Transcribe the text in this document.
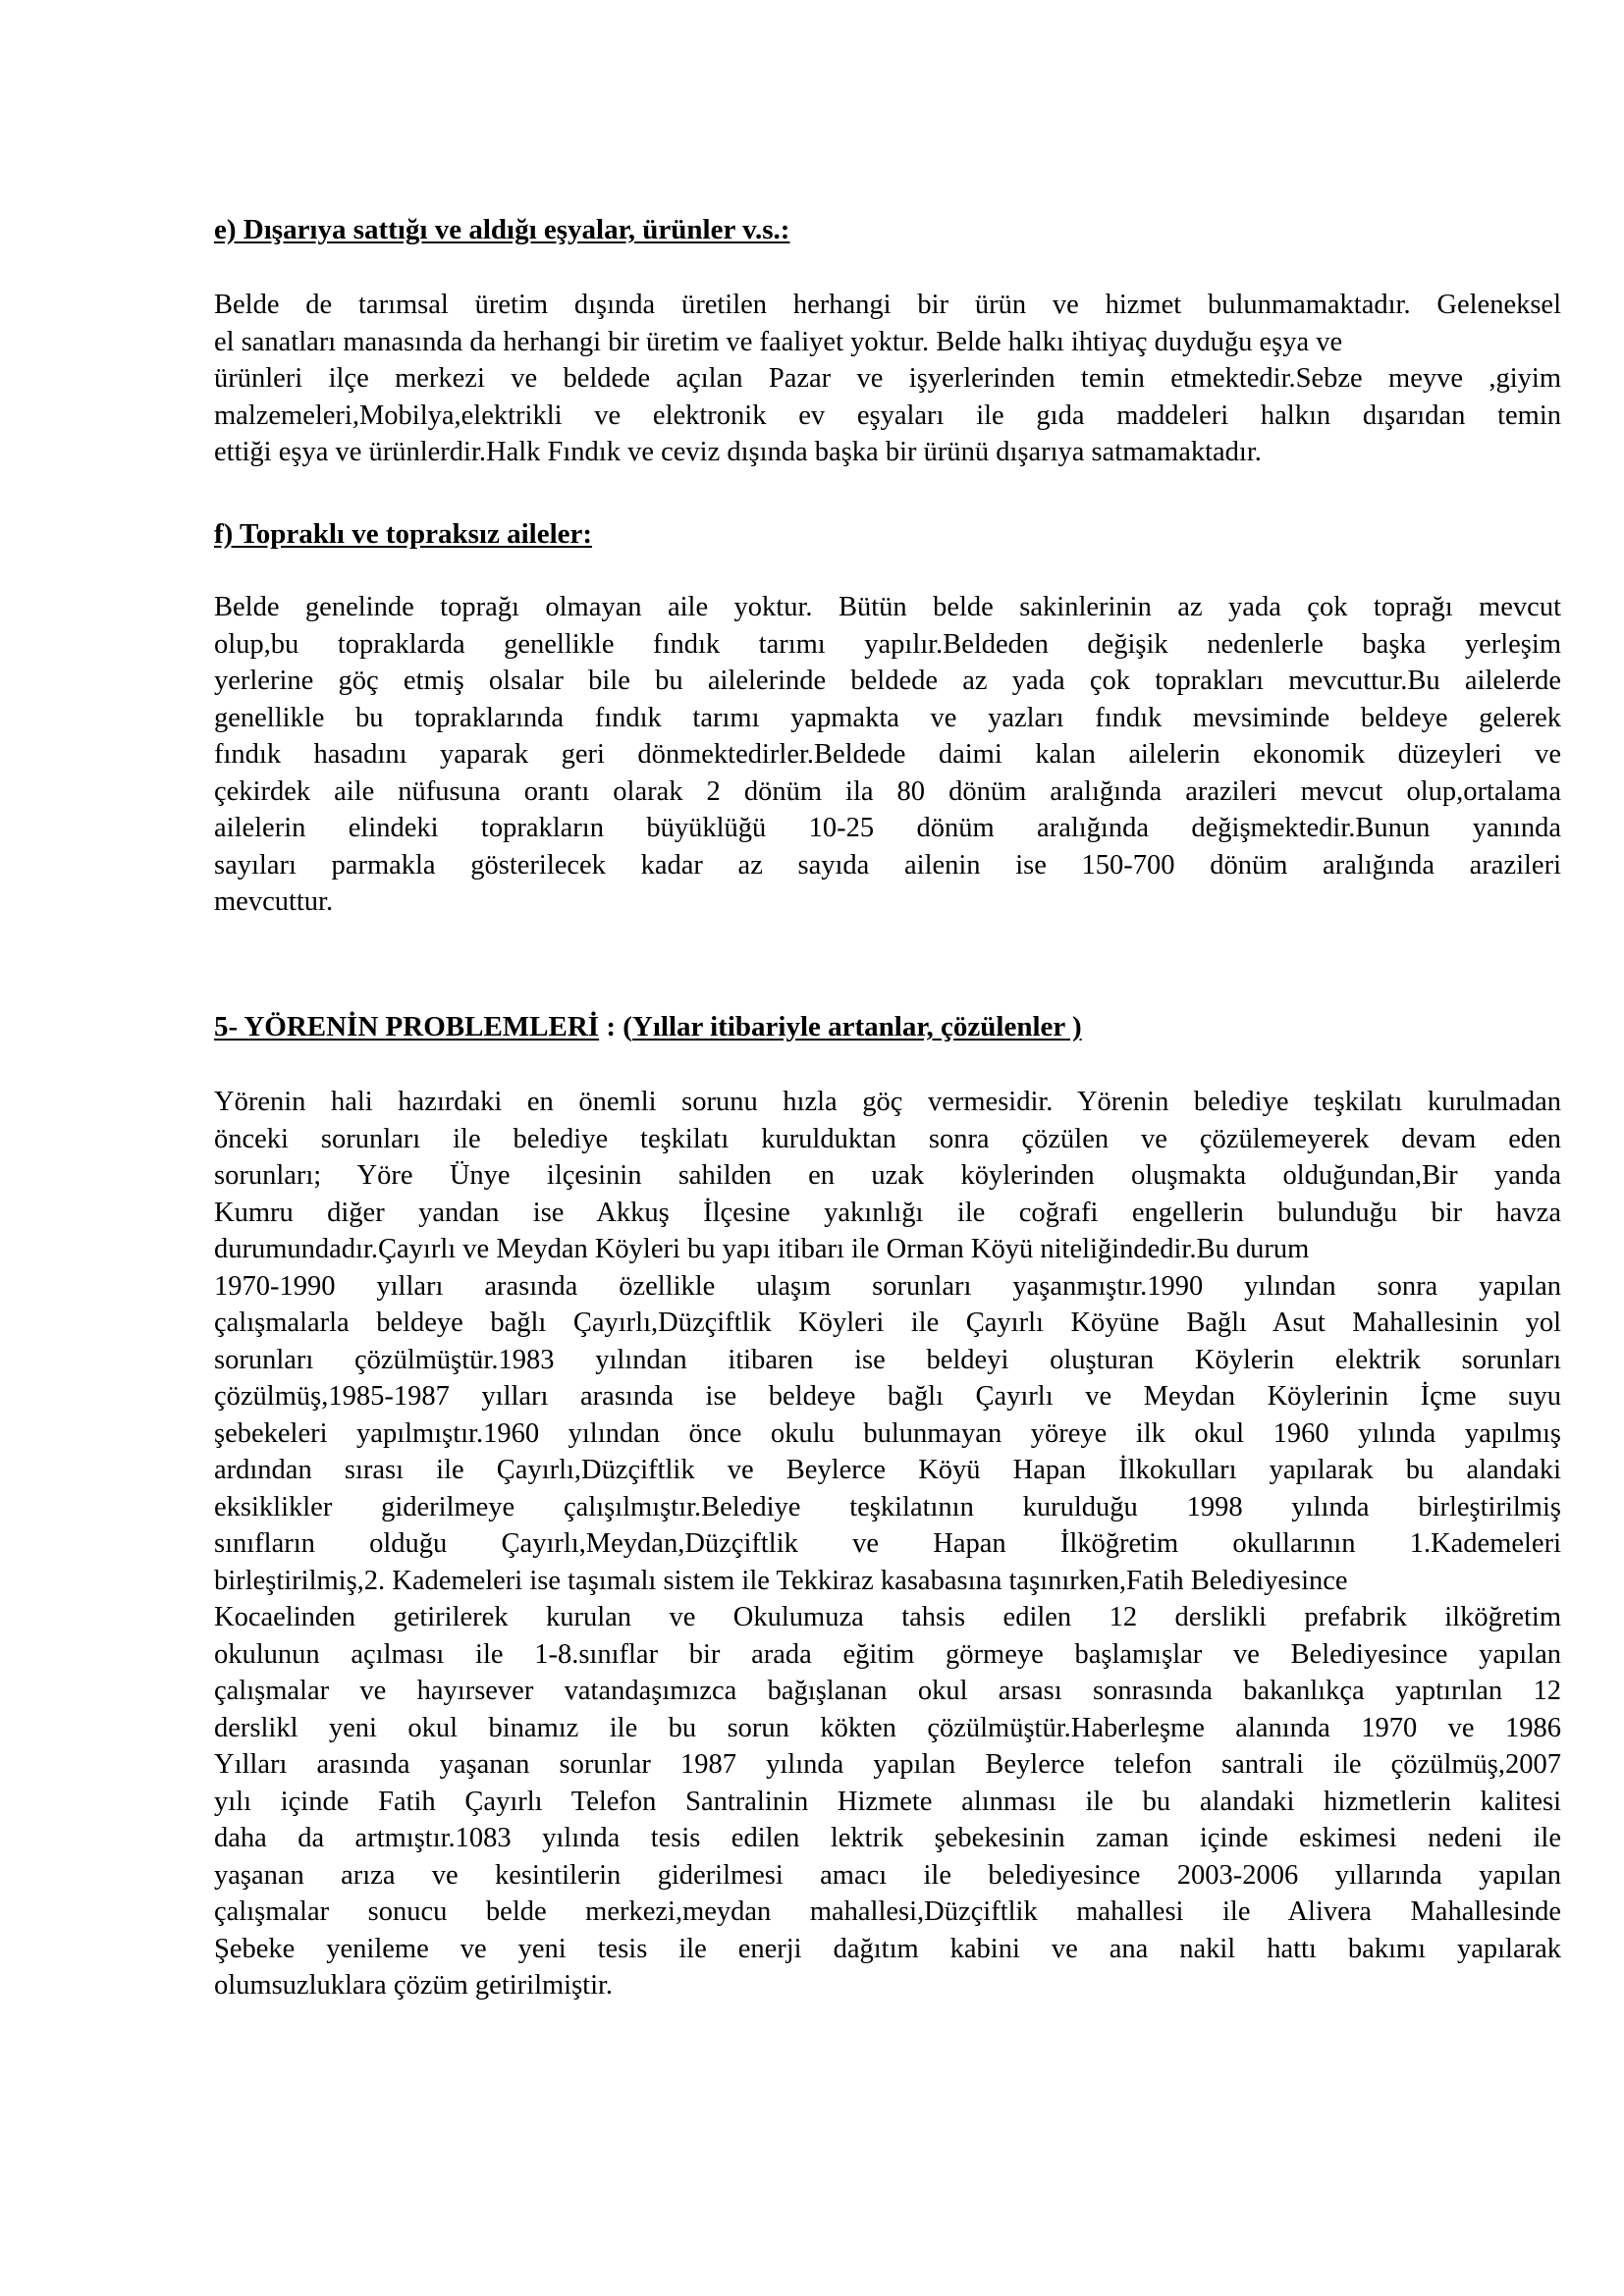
e) Dışarıya sattığı ve aldığı eşyalar, ürünler v.s.:
Belde de tarımsal üretim dışında üretilen herhangi bir ürün ve hizmet bulunmamaktadır. Geleneksel
el sanatları manasında da herhangi bir üretim ve faaliyet yoktur. Belde halkı ihtiyaç duyduğu eşya ve
ürünleri ilçe merkezi ve beldede açılan Pazar ve işyerlerinden temin etmektedir.Sebze meyve ,giyim
malzemeleri,Mobilya,elektrikli ve elektronik ev eşyaları ile gıda maddeleri halkın dışarıdan temin
ettiği eşya ve ürünlerdir.Halk Fındık ve ceviz dışında başka bir ürünü dışarıya satmamaktadır.
f) Topraklı ve topraksız aileler:
Belde genelinde toprağı olmayan aile yoktur. Bütün belde sakinlerinin az yada çok toprağı mevcut
olup,bu topraklarda genellikle fındık tarımı yapılır.Beldeden değişik nedenlerle başka yerleşim
yerlerine göç etmiş olsalar bile bu ailelerinde beldede az yada çok toprakları mevcuttur.Bu ailelerde
genellikle bu topraklarında fındık tarımı yapmakta ve yazları fındık mevsiminde beldeye gelerek
fındık hasadını yaparak geri dönmektedirler.Beldede daimi kalan ailelerin ekonomik düzeyleri ve
çekirdek aile nüfusuna orantı olarak 2 dönüm ila 80 dönüm aralığında arazileri mevcut olup,ortalama
ailelerin elindeki toprakların büyüklüğü 10-25 dönüm aralığında değişmektedir.Bunun yanında
sayıları parmakla gösterilecek kadar az sayıda ailenin ise 150-700 dönüm aralığında arazileri
mevcuttur.
5- YÖRENİN PROBLEMLERİ : (Yıllar itibariyle artanlar, çözülenler )
Yörenin hali hazırdaki en önemli sorunu hızla göç vermesidir. Yörenin belediye teşkilatı kurulmadan
önceki sorunları ile belediye teşkilatı kurulduktan sonra çözülen ve çözülemeyerek devam eden
sorunları; Yöre Ünye ilçesinin sahilden en uzak köylerinden oluşmakta olduğundan,Bir yanda
Kumru diğer yandan ise Akkuş İlçesine yakınlığı ile coğrafi engellerin bulunduğu bir havza
durumundadır.Çayırlı ve Meydan Köyleri bu yapı itibarı ile Orman Köyü niteliğindedir.Bu durum
1970-1990 yılları arasında özellikle ulaşım sorunları yaşanmıştır.1990 yılından sonra yapılan
çalışmalarla beldeye bağlı Çayırlı,Düzçiftlik Köyleri ile Çayırlı Köyüne Bağlı Asut Mahallesinin yol
sorunları çözülmüştür.1983 yılından itibaren ise beldeyi oluşturan Köylerin elektrik sorunları
çözülmüş,1985-1987 yılları arasında ise beldeye bağlı Çayırlı ve Meydan Köylerinin İçme suyu
şebekeleri yapılmıştır.1960 yılından önce okulu bulunmayan yöreye ilk okul 1960 yılında yapılmış
ardından sırası ile Çayırlı,Düzçiftlik ve Beylerce Köyü Hapan İlkokulları yapılarak bu alandaki
eksiklikler giderilmeye çalışılmıştır.Belediye teşkilatının kurulduğu 1998 yılında birleştirilmiş
sınıfların olduğu Çayırlı,Meydan,Düzçiftlik ve Hapan İlköğretim okullarının 1.Kademeleri
birleştirilmiş,2. Kademeleri ise taşımalı sistem ile Tekkiraz kasabasına taşınırken,Fatih Belediyesince
Kocaelinden getirilerek kurulan ve Okulumuza tahsis edilen 12 derslikli prefabrik ilköğretim
okulunun açılması ile 1-8.sınıflar bir arada eğitim görmeye başlamışlar ve Belediyesince yapılan
çalışmalar ve hayırsever vatandaşımızca bağışlanan okul arsası sonrasında bakanlıkça yaptırılan 12
derslikl yeni okul binamız ile bu sorun kökten çözülmüştür.Haberleşme alanında 1970 ve 1986
Yılları arasında yaşanan sorunlar 1987 yılında yapılan Beylerce telefon santrali ile çözülmüş,2007
yılı içinde Fatih Çayırlı Telefon Santralinin Hizmete alınması ile bu alandaki hizmetlerin kalitesi
daha da artmıştır.1083 yılında tesis edilen lektrik şebekesinin zaman içinde eskimesi nedeni ile
yaşanan arıza ve kesintilerin giderilmesi amacı ile belediyesince 2003-2006 yıllarında yapılan
çalışmalar sonucu belde merkezi,meydan mahallesi,Düzçiftlik mahallesi ile Alivera Mahallesinde
Şebeke yenileme ve yeni tesis ile enerji dağıtım kabini ve ana nakil hattı bakımı yapılarak
olumsuzluklara çözüm getirilmiştir.
